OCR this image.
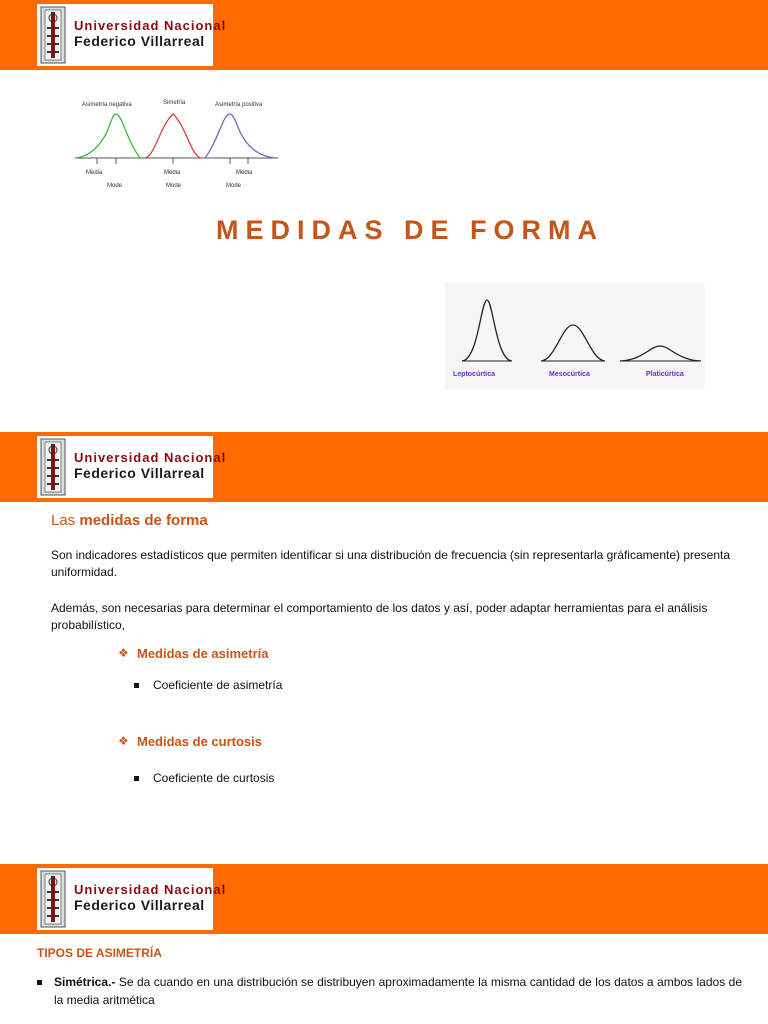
Universidad Nacional
Federico Villarreal
Asimetría negativa	Simetría	Asimetría positiva
Media
Mode
Media
Mode
Media
Mode
MEDIDAS DE FORMA
Leptocúrtica	Mesocúrtica	Platicúrtica
Universidad Nacional
Federico Villarreal
Las medidas de forma

Son indicadores estadísticos que permiten identificar si una distribución de frecuencia (sin representarla gráficamente) presenta uniformidad.

Además, son necesarias para determinar el comportamiento de los datos y así, poder adaptar herramientas para el análisis probabilístico,

❖ Medidas de asimetría
Coeficiente de asimetría
❖ Medidas de curtosis
Coeficiente de curtosis
Universidad Nacional
Federico Villarreal
TIPOS DE ASIMETRÍA

Simétrica.- Se da cuando en una distribución se distribuyen aproximadamente la misma cantidad de los datos a ambos lados de la media aritmética
